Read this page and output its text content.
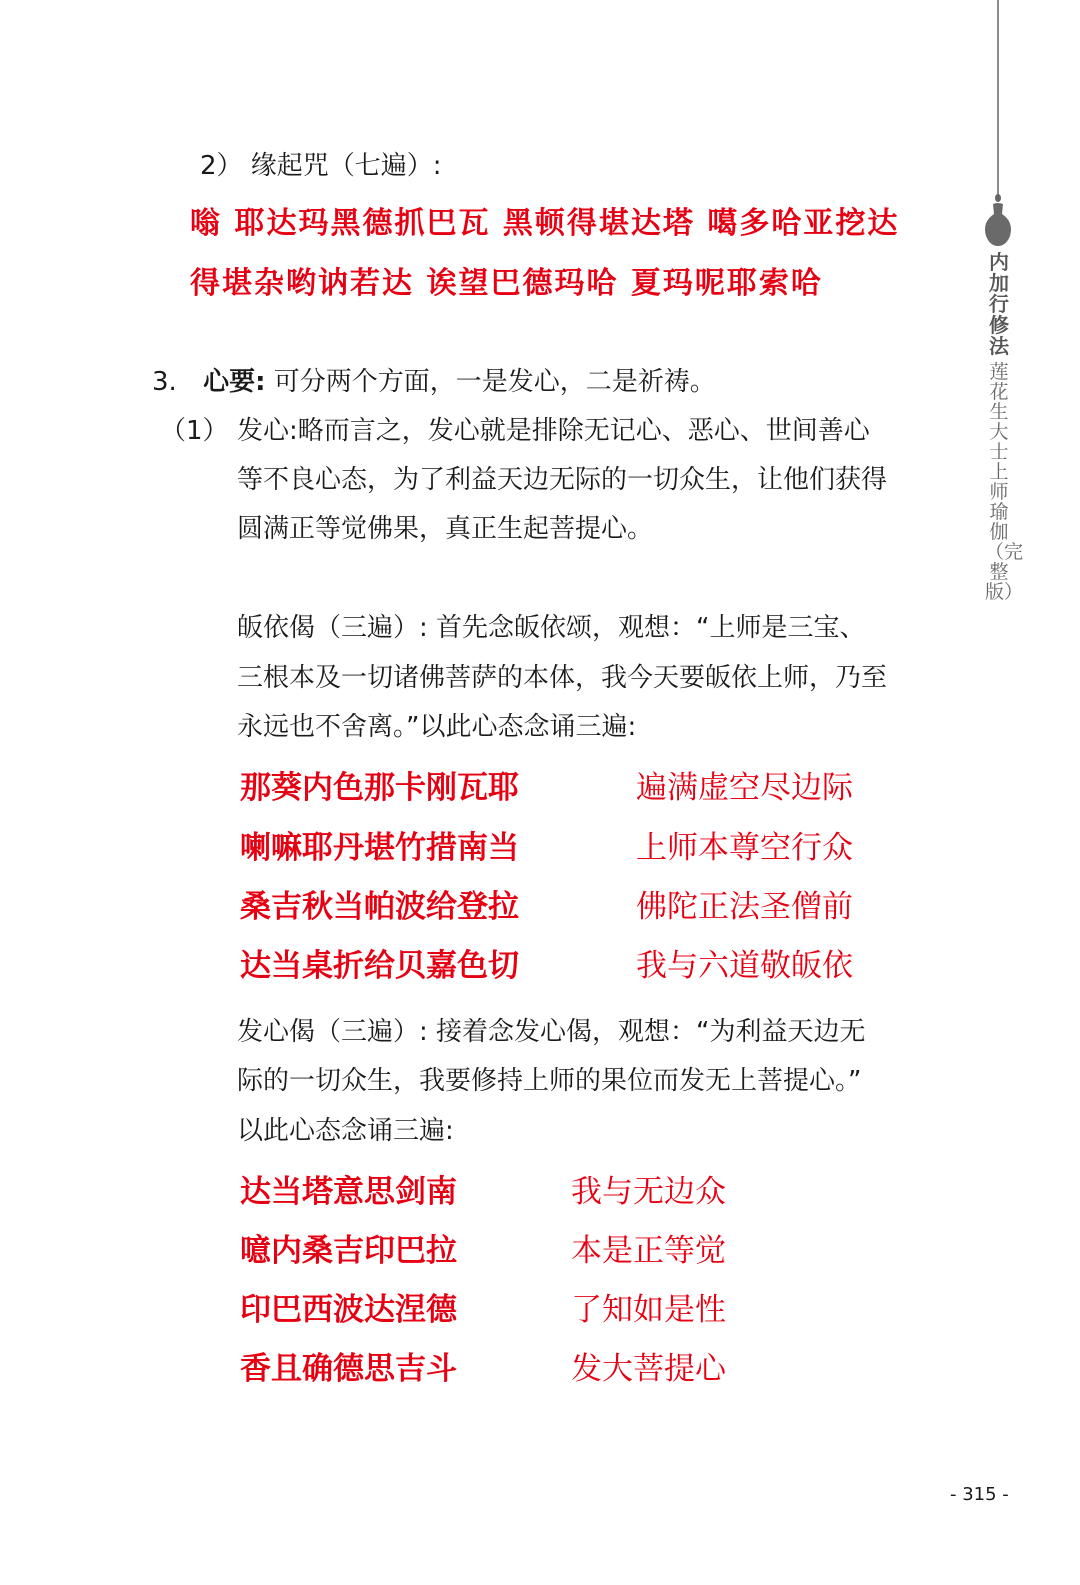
内加行修法
莲花生大士上师瑜伽（完整版）
2） 缘起咒（七遍）:
嗡 耶达玛黑德抓巴瓦 黑顿得堪达塔 噶多哈亚挖达
得堪杂哟讷若达 诶望巴德玛哈 夏玛呢耶索哈
3. 心要: 可分两个方面，一是发心，二是祈祷。
（1） 发心:略而言之，发心就是排除无记心、恶心、世间善心
等不良心态，为了利益天边无际的一切众生，让他们获得
圆满正等觉佛果，真正生起菩提心。
皈依偈（三遍）: 首先念皈依颂，观想：“上师是三宝、
三根本及一切诸佛菩萨的本体，我今天要皈依上师，乃至
永远也不舍离。”以此心态念诵三遍:
那葵内色那卡刚瓦耶	遍满虚空尽边际
喇嘛耶丹堪竹措南当	上师本尊空行众
桑吉秋当帕波给登拉	佛陀正法圣僧前
达当桌折给贝嘉色切	我与六道敬皈依
发心偈（三遍）: 接着念发心偈，观想：“为利益天边无
际的一切众生，我要修持上师的果位而发无上菩提心。”
以此心态念诵三遍:
达当塔意思剑南	我与无边众
噫内桑吉印巴拉	本是正等觉
印巴西波达涅德	了知如是性
香且确德思吉斗	发大菩提心
- 315 -
